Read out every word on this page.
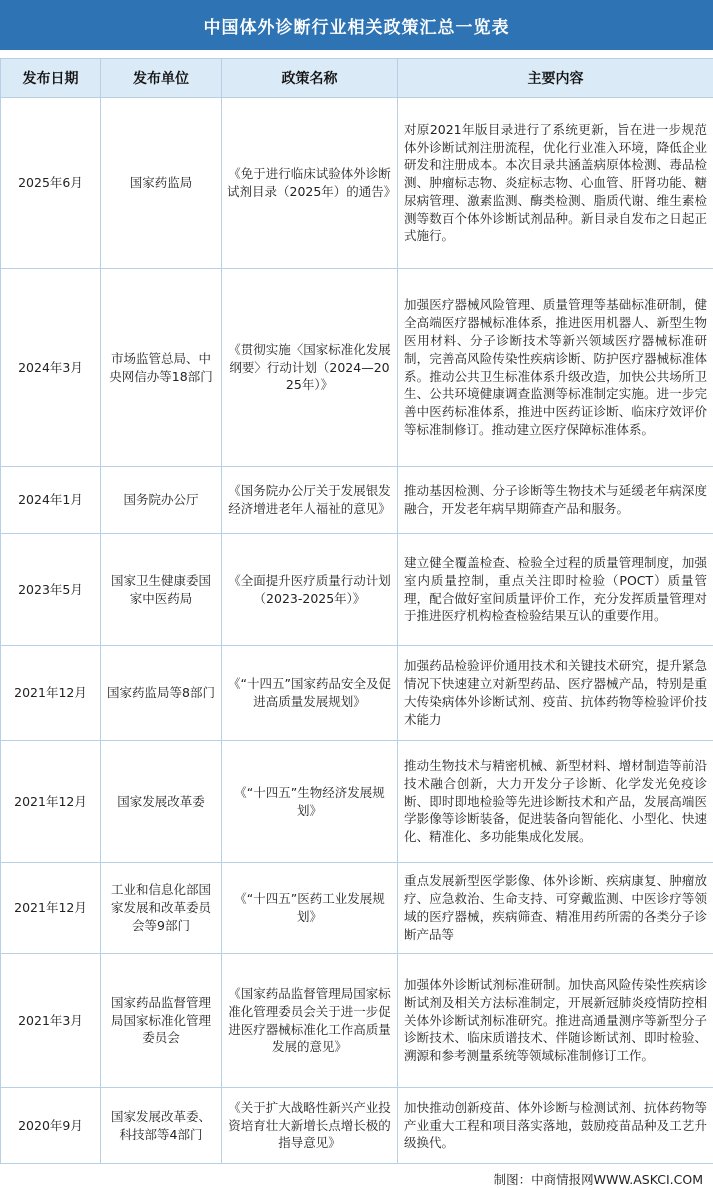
中国体外诊断行业相关政策汇总一览表
发布日期	发布单位	政策名称	主要内容
2025年6月	国家药监局	《免于进行临床试验体外诊断试剂目录（2025年）的通告》	对原2021年版目录进行了系统更新，旨在进一步规范体外诊断试剂注册流程，优化行业准入环境，降低企业研发和注册成本。本次目录共涵盖病原体检测、毒品检测、肿瘤标志物、炎症标志物、心血管、肝肾功能、糖尿病管理、激素监测、酶类检测、脂质代谢、维生素检测等数百个体外诊断试剂品种。新目录自发布之日起正式施行。
2024年3月	市场监管总局、中央网信办等18部门	《贯彻实施〈国家标准化发展纲要〉行动计划（2024—2025年）》	加强医疗器械风险管理、质量管理等基础标准研制，健全高端医疗器械标准体系，推进医用机器人、新型生物医用材料、分子诊断技术等新兴领域医疗器械标准研制，完善高风险传染性疾病诊断、防护医疗器械标准体系。推动公共卫生标准体系升级改造，加快公共场所卫生、公共环境健康调查监测等标准制定实施。进一步完善中医药标准体系，推进中医药证诊断、临床疗效评价等标准制修订。推动建立医疗保障标准体系。
2024年1月	国务院办公厅	《国务院办公厅关于发展银发经济增进老年人福祉的意见》	推动基因检测、分子诊断等生物技术与延缓老年病深度融合，开发老年病早期筛查产品和服务。
2023年5月	国家卫生健康委国家中医药局	《全面提升医疗质量行动计划（2023-2025年）》	建立健全覆盖检查、检验全过程的质量管理制度，加强室内质量控制，重点关注即时检验（POCT）质量管理，配合做好室间质量评价工作，充分发挥质量管理对于推进医疗机构检查检验结果互认的重要作用。
2021年12月	国家药监局等8部门	《“十四五”国家药品安全及促进高质量发展规划》	加强药品检验评价通用技术和关键技术研究，提升紧急情况下快速建立对新型药品、医疗器械产品，特别是重大传染病体外诊断试剂、疫苗、抗体药物等检验评价技术能力
2021年12月	国家发展改革委	《“十四五”生物经济发展规划》	推动生物技术与精密机械、新型材料、增材制造等前沿技术融合创新，大力开发分子诊断、化学发光免疫诊断、即时即地检验等先进诊断技术和产品，发展高端医学影像等诊断装备，促进装备向智能化、小型化、快速化、精准化、多功能集成化发展。
2021年12月	工业和信息化部国家发展和改革委员会等9部门	《“十四五”医药工业发展规划》	重点发展新型医学影像、体外诊断、疾病康复、肿瘤放疗、应急救治、生命支持、可穿戴监测、中医诊疗等领域的医疗器械，疾病筛查、精准用药所需的各类分子诊断产品等
2021年3月	国家药品监督管理局国家标准化管理委员会	《国家药品监督管理局国家标准化管理委员会关于进一步促进医疗器械标准化工作高质量发展的意见》	加强体外诊断试剂标准研制。加快高风险传染性疾病诊断试剂及相关方法标准制定，开展新冠肺炎疫情防控相关体外诊断试剂标准研究。推进高通量测序等新型分子诊断技术、临床质谱技术、伴随诊断试剂、即时检验、溯源和参考测量系统等领域标准制修订工作。
2020年9月	国家发展改革委、科技部等4部门	《关于扩大战略性新兴产业投资培育壮大新增长点增长极的指导意见》	加快推动创新疫苗、体外诊断与检测试剂、抗体药物等产业重大工程和项目落实落地，鼓励疫苗品种及工艺升级换代。
制图：中商情报网WWW.ASKCI.COM
